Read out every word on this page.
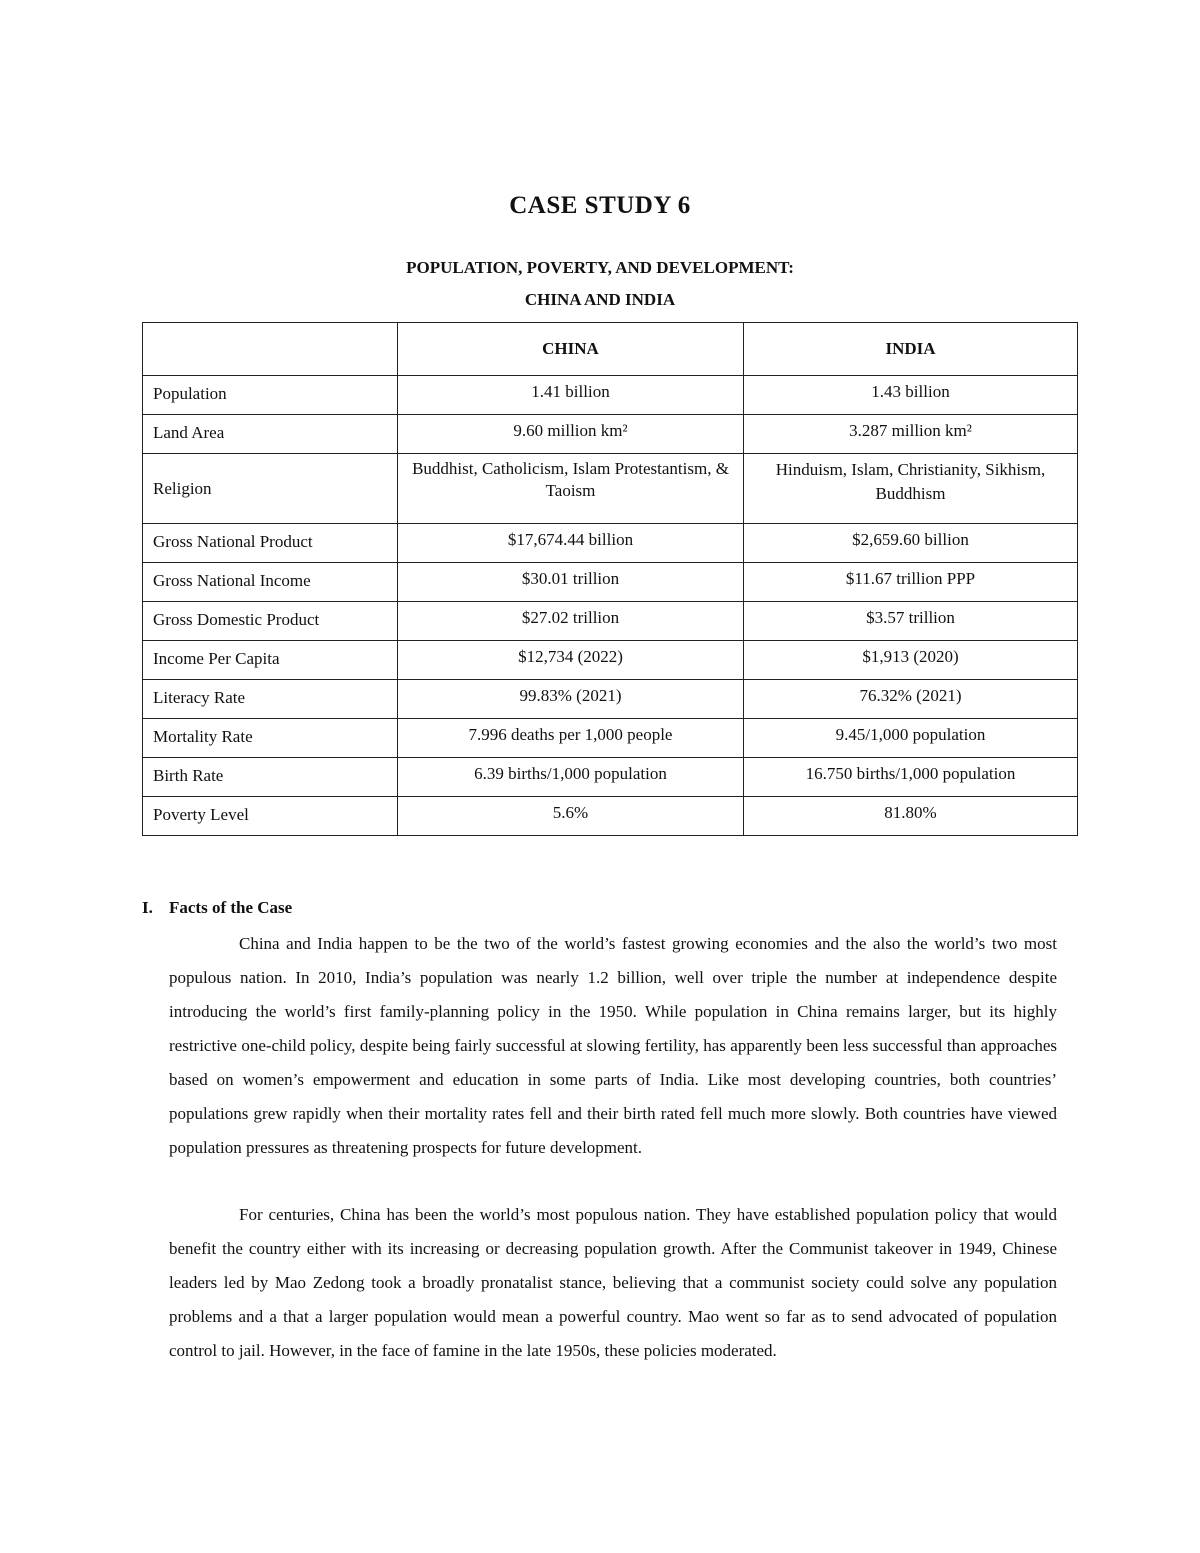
CASE STUDY 6
POPULATION, POVERTY, AND DEVELOPMENT:
CHINA AND INDIA
	CHINA	INDIA
Population	1.41 billion	1.43 billion
Land Area	9.60 million km²	3.287 million km²
Religion	Buddhist, Catholicism, Islam Protestantism, & Taoism	Hinduism, Islam, Christianity, Sikhism, Buddhism
Gross National Product	$17,674.44 billion	$2,659.60 billion
Gross National Income	$30.01 trillion	$11.67 trillion PPP
Gross Domestic Product	$27.02 trillion	$3.57 trillion
Income Per Capita	$12,734 (2022)	$1,913 (2020)
Literacy Rate	99.83% (2021)	76.32% (2021)
Mortality Rate	7.996 deaths per 1,000 people	9.45/1,000 population
Birth Rate	6.39 births/1,000 population	16.750 births/1,000 population
Poverty Level	5.6%	81.80%
I. Facts of the Case

China and India happen to be the two of the world’s fastest growing economies and the also the world’s two most populous nation. In 2010, India’s population was nearly 1.2 billion, well over triple the number at independence despite introducing the world’s first family-planning policy in the 1950. While population in China remains larger, but its highly restrictive one-child policy, despite being fairly successful at slowing fertility, has apparently been less successful than approaches based on women’s empowerment and education in some parts of India. Like most developing countries, both countries’ populations grew rapidly when their mortality rates fell and their birth rated fell much more slowly. Both countries have viewed population pressures as threatening prospects for future development.

For centuries, China has been the world’s most populous nation. They have established population policy that would benefit the country either with its increasing or decreasing population growth. After the Communist takeover in 1949, Chinese leaders led by Mao Zedong took a broadly pronatalist stance, believing that a communist society could solve any population problems and a that a larger population would mean a powerful country. Mao went so far as to send advocated of population control to jail. However, in the face of famine in the late 1950s, these policies moderated.
